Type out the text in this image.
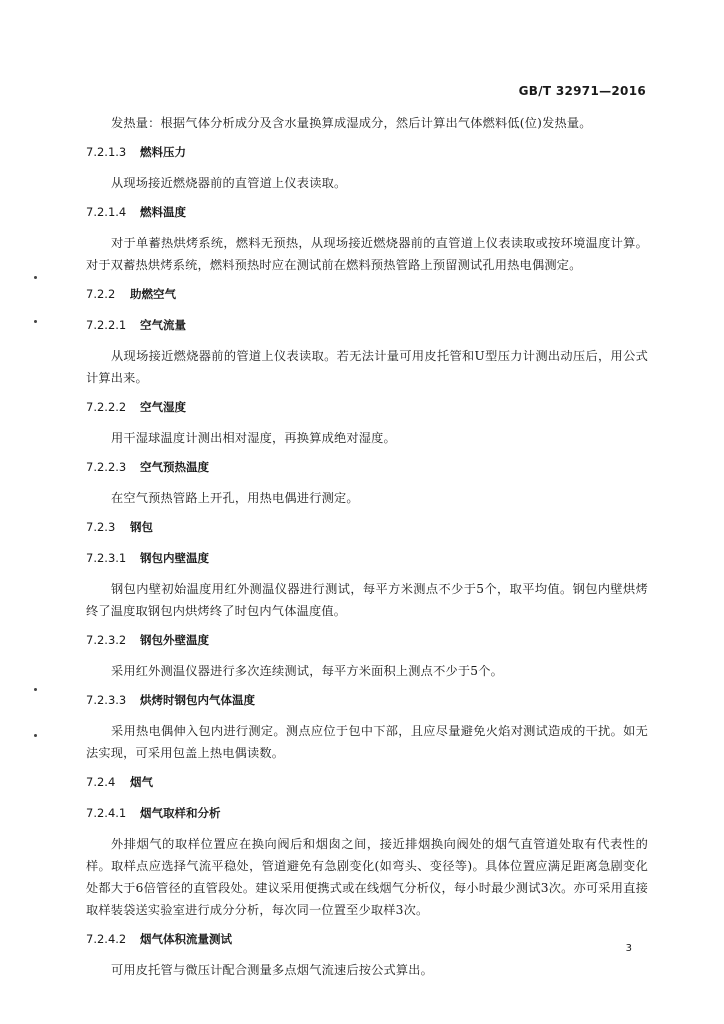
GB/T 32971—2016

发热量：根据气体分析成分及含水量换算成湿成分，然后计算出气体燃料低(位)发热量。

7.2.1.3 燃料压力

从现场接近燃烧器前的直管道上仪表读取。

7.2.1.4 燃料温度

对于单蓄热烘烤系统，燃料无预热，从现场接近燃烧器前的直管道上仪表读取或按环境温度计算。对于双蓄热烘烤系统，燃料预热时应在测试前在燃料预热管路上预留测试孔用热电偶测定。

7.2.2 助燃空气
7.2.2.1 空气流量

从现场接近燃烧器前的管道上仪表读取。若无法计量可用皮托管和U型压力计测出动压后，用公式计算出来。

7.2.2.2 空气湿度

用干湿球温度计测出相对湿度，再换算成绝对湿度。

7.2.2.3 空气预热温度

在空气预热管路上开孔，用热电偶进行测定。

7.2.3 钢包
7.2.3.1 钢包内壁温度

钢包内壁初始温度用红外测温仪器进行测试，每平方米测点不少于5个，取平均值。钢包内壁烘烤终了温度取钢包内烘烤终了时包内气体温度值。

7.2.3.2 钢包外壁温度

采用红外测温仪器进行多次连续测试，每平方米面积上测点不少于5个。

7.2.3.3 烘烤时钢包内气体温度

采用热电偶伸入包内进行测定。测点应位于包中下部，且应尽量避免火焰对测试造成的干扰。如无法实现，可采用包盖上热电偶读数。

7.2.4 烟气
7.2.4.1 烟气取样和分析

外排烟气的取样位置应在换向阀后和烟囱之间，接近排烟换向阀处的烟气直管道处取有代表性的样。取样点应选择气流平稳处，管道避免有急剧变化(如弯头、变径等)。具体位置应满足距离急剧变化处都大于6倍管径的直管段处。建议采用便携式或在线烟气分析仪，每小时最少测试3次。亦可采用直接取样装袋送实验室进行成分分析，每次同一位置至少取样3次。

7.2.4.2 烟气体积流量测试

可用皮托管与微压计配合测量多点烟气流速后按公式算出。

3
